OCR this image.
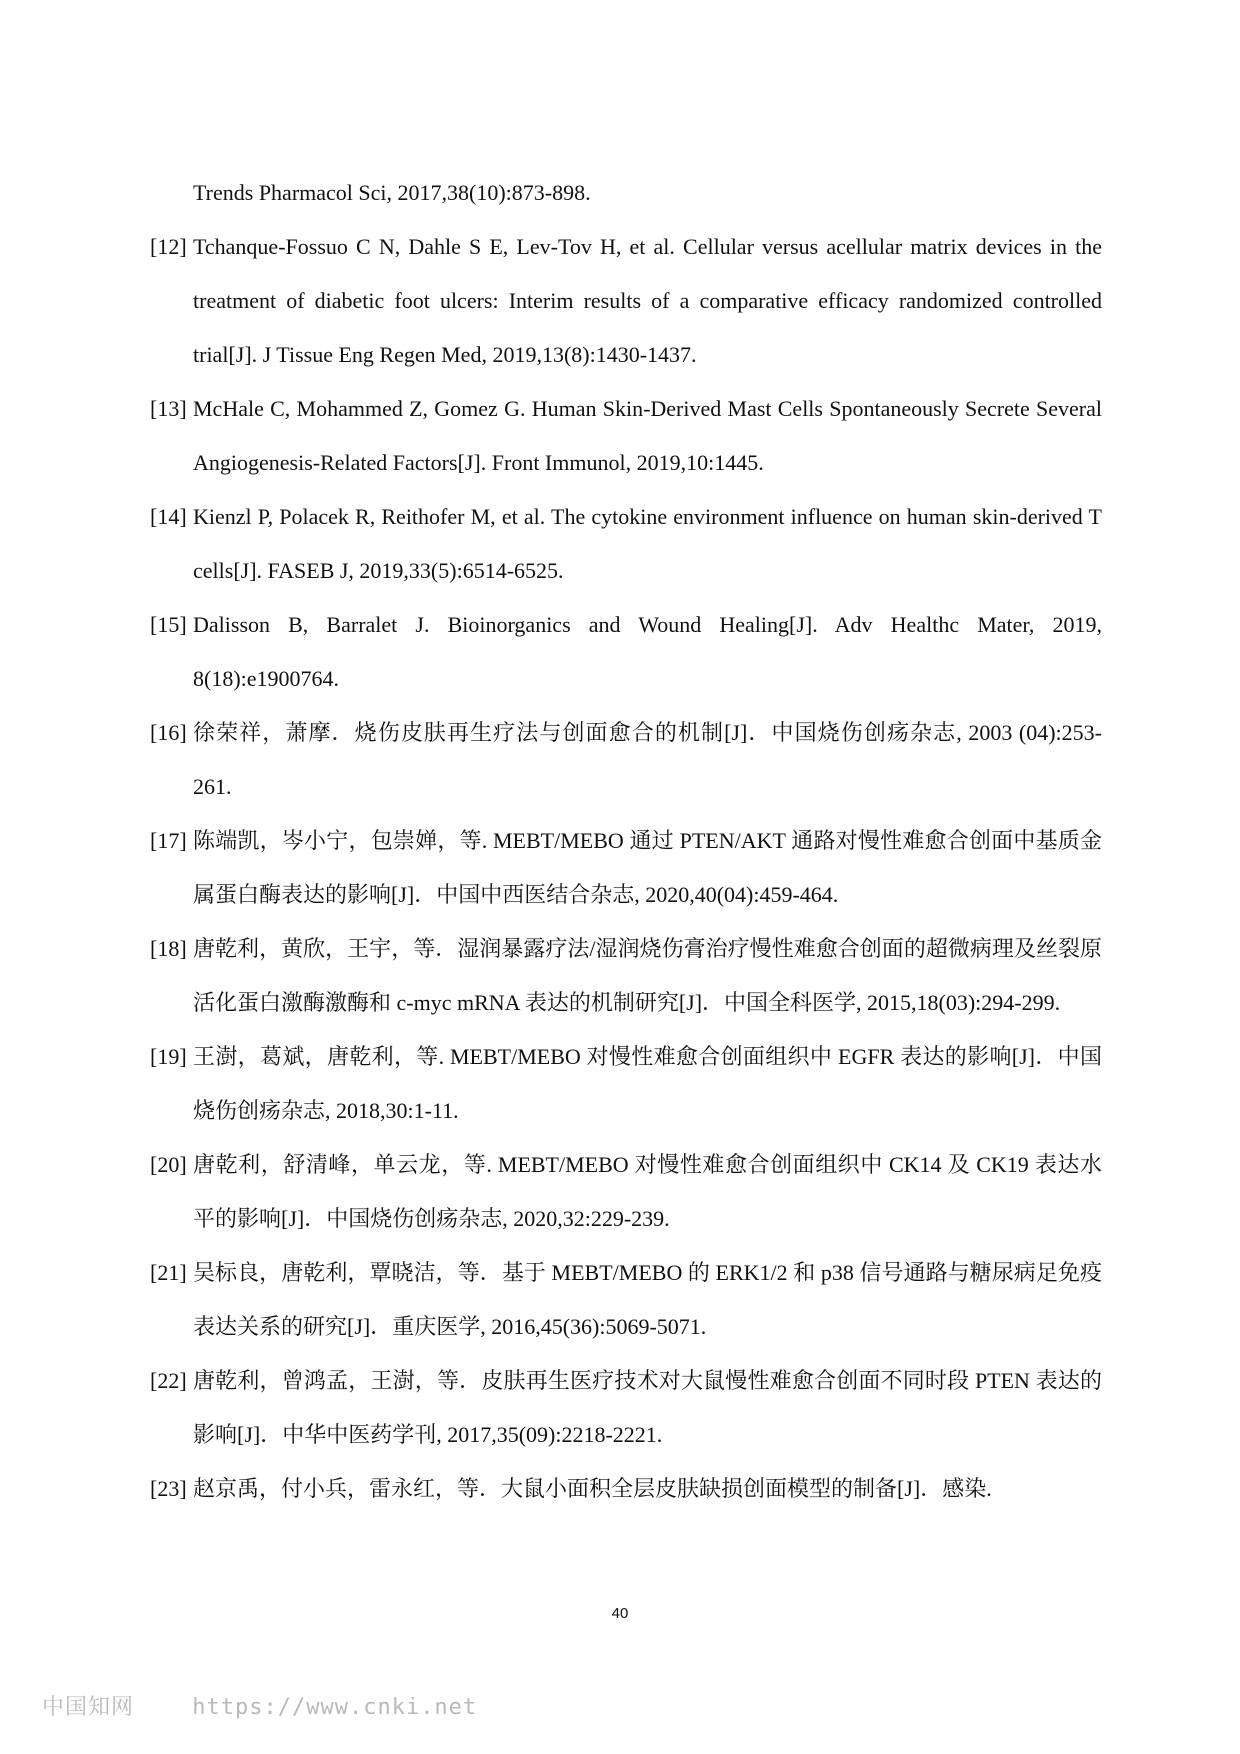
Trends Pharmacol Sci, 2017,38(10):873-898.
[12] Tchanque-Fossuo C N, Dahle S E, Lev-Tov H, et al. Cellular versus acellular matrix devices in the treatment of diabetic foot ulcers: Interim results of a comparative efficacy randomized controlled trial[J]. J Tissue Eng Regen Med, 2019,13(8):1430-1437.
[13] McHale C, Mohammed Z, Gomez G. Human Skin-Derived Mast Cells Spontaneously Secrete Several Angiogenesis-Related Factors[J]. Front Immunol, 2019,10:1445.
[14] Kienzl P, Polacek R, Reithofer M, et al. The cytokine environment influence on human skin-derived T cells[J]. FASEB J, 2019,33(5):6514-6525.
[15] Dalisson B, Barralet J. Bioinorganics and Wound Healing[J]. Adv Healthc Mater, 2019, 8(18):e1900764.
[16] 徐荣祥，萧摩．烧伤皮肤再生疗法与创面愈合的机制[J]．中国烧伤创疡杂志, 2003 (04):253-261.
[17] 陈端凯，岑小宁，包崇婵，等. MEBT/MEBO 通过 PTEN/AKT 通路对慢性难愈合创面中基质金属蛋白酶表达的影响[J]．中国中西医结合杂志, 2020,40(04):459-464.
[18] 唐乾利，黄欣，王宇，等．湿润暴露疗法/湿润烧伤膏治疗慢性难愈合创面的超微病理及丝裂原活化蛋白激酶激酶和 c-myc mRNA 表达的机制研究[J]．中国全科医学, 2015,18(03):294-299.
[19] 王澍，葛斌，唐乾利，等. MEBT/MEBO 对慢性难愈合创面组织中 EGFR 表达的影响[J]．中国烧伤创疡杂志, 2018,30:1-11.
[20] 唐乾利，舒清峰，单云龙，等. MEBT/MEBO 对慢性难愈合创面组织中 CK14 及 CK19 表达水平的影响[J]．中国烧伤创疡杂志, 2020,32:229-239.
[21] 吴标良，唐乾利，覃晓洁，等．基于 MEBT/MEBO 的 ERK1/2 和 p38 信号通路与糖尿病足免疫表达关系的研究[J]．重庆医学, 2016,45(36):5069-5071.
[22] 唐乾利，曾鸿孟，王澍，等．皮肤再生医疗技术对大鼠慢性难愈合创面不同时段 PTEN 表达的影响[J]．中华中医药学刊, 2017,35(09):2218-2221.
[23] 赵京禹，付小兵，雷永红，等．大鼠小面积全层皮肤缺损创面模型的制备[J]．感染.
40
中国知网	https://www.cnki.net
